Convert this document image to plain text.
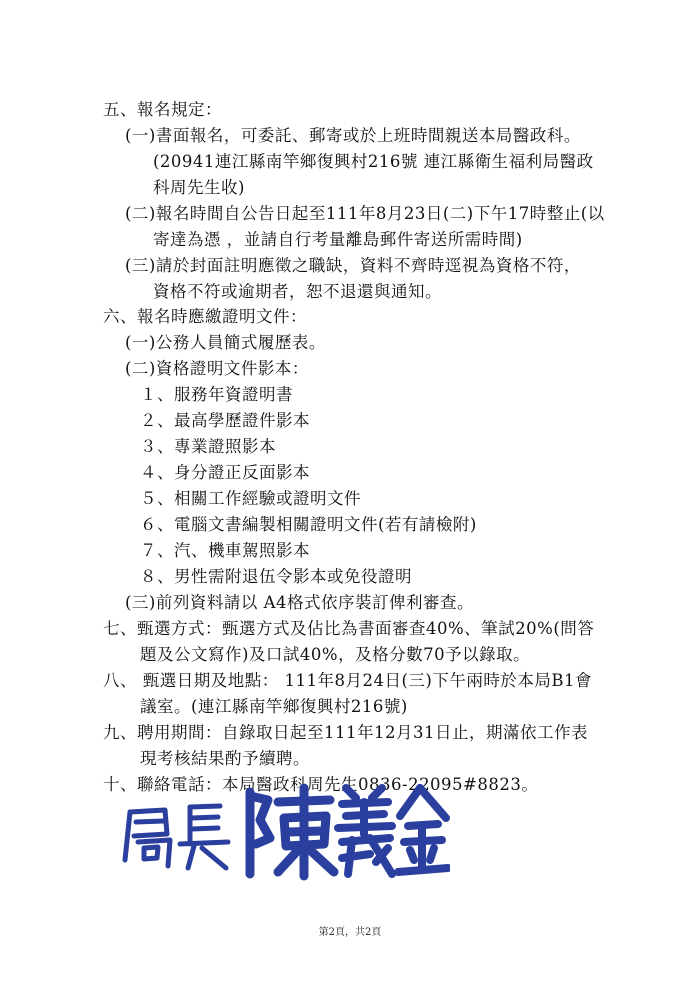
五、報名規定：
(一)書面報名，可委託、郵寄或於上班時間親送本局醫政科。
(20941連江縣南竿鄉復興村216號 連江縣衛生福利局醫政
科周先生收)
(二)報名時間自公告日起至111年8月23日(二)下午17時整止(以
寄達為憑 ，並請自行考量離島郵件寄送所需時間)
(三)請於封面註明應徵之職缺，資料不齊時逕視為資格不符，
資格不符或逾期者，恕不退還與通知。
六、報名時應繳證明文件：
(一)公務人員簡式履歷表。
(二)資格證明文件影本：
１、服務年資證明書
２、最高學歷證件影本
３、專業證照影本
４、身分證正反面影本
５、相關工作經驗或證明文件
６、電腦文書編製相關證明文件(若有請檢附)
７、汽、機車駕照影本
８、男性需附退伍令影本或免役證明
(三)前列資料請以 A4格式依序裝訂俾利審查。
七、甄選方式：甄選方式及佔比為書面審查40%、筆試20%(問答
題及公文寫作)及口試40%，及格分數70予以錄取。
八、 甄選日期及地點： 111年8月24日(三)下午兩時於本局B1會
議室。(連江縣南竿鄉復興村216號)
九、聘用期間：自錄取日起至111年12月31日止，期滿依工作表
現考核結果酌予續聘。
十、聯絡電話：本局醫政科周先生0836-22095#8823。
第2頁，共2頁
